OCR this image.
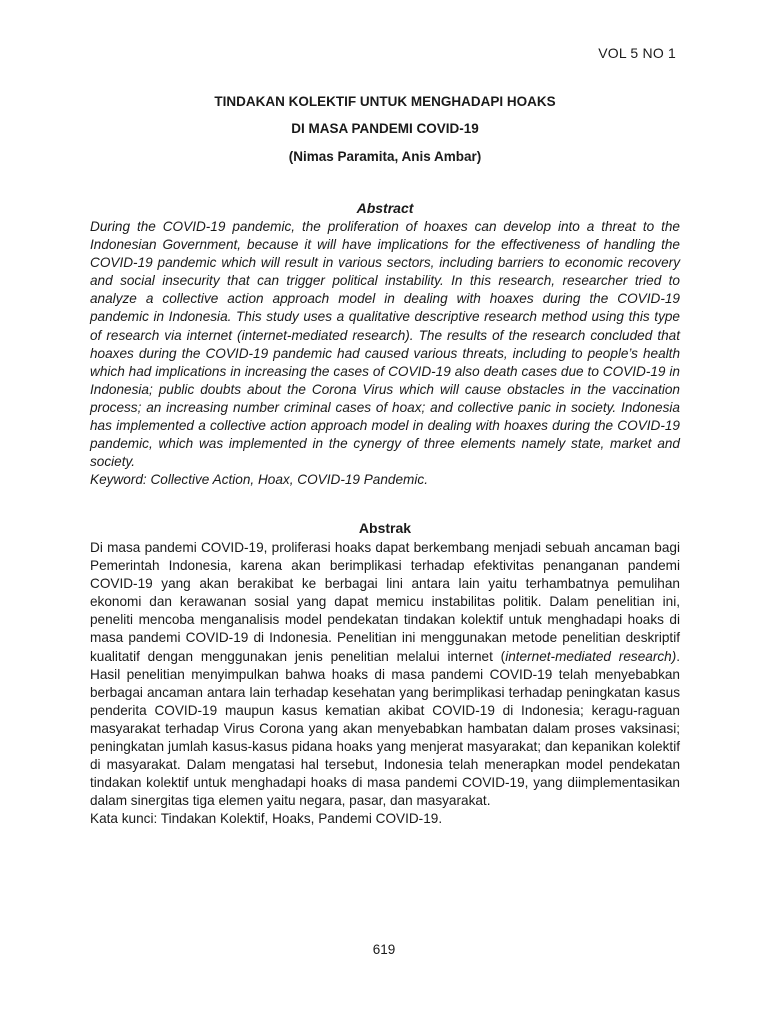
VOL 5 NO 1
TINDAKAN KOLEKTIF UNTUK MENGHADAPI HOAKS
DI MASA PANDEMI COVID-19
(Nimas Paramita, Anis Ambar)
Abstract

During the COVID-19 pandemic, the proliferation of hoaxes can develop into a threat to the Indonesian Government, because it will have implications for the effectiveness of handling the COVID-19 pandemic which will result in various sectors, including barriers to economic recovery and social insecurity that can trigger political instability. In this research, researcher tried to analyze a collective action approach model in dealing with hoaxes during the COVID-19 pandemic in Indonesia. This study uses a qualitative descriptive research method using this type of research via internet (internet-mediated research). The results of the research concluded that hoaxes during the COVID-19 pandemic had caused various threats, including to people’s health which had implications in increasing the cases of COVID-19 also death cases due to COVID-19 in Indonesia; public doubts about the Corona Virus which will cause obstacles in the vaccination process; an increasing number criminal cases of hoax; and collective panic in society. Indonesia has implemented a collective action approach model in dealing with hoaxes during the COVID-19 pandemic, which was implemented in the cynergy of three elements namely state, market and society.
Keyword: Collective Action, Hoax, COVID-19 Pandemic.

Abstrak

Di masa pandemi COVID-19, proliferasi hoaks dapat berkembang menjadi sebuah ancaman bagi Pemerintah Indonesia, karena akan berimplikasi terhadap efektivitas penanganan pandemi COVID-19 yang akan berakibat ke berbagai lini antara lain yaitu terhambatnya pemulihan ekonomi dan kerawanan sosial yang dapat memicu instabilitas politik. Dalam penelitian ini, peneliti mencoba menganalisis model pendekatan tindakan kolektif untuk menghadapi hoaks di masa pandemi COVID-19 di Indonesia. Penelitian ini menggunakan metode penelitian deskriptif kualitatif dengan menggunakan jenis penelitian melalui internet (internet-mediated research). Hasil penelitian menyimpulkan bahwa hoaks di masa pandemi COVID-19 telah menyebabkan berbagai ancaman antara lain terhadap kesehatan yang berimplikasi terhadap peningkatan kasus penderita COVID-19 maupun kasus kematian akibat COVID-19 di Indonesia; keragu-raguan masyarakat terhadap Virus Corona yang akan menyebabkan hambatan dalam proses vaksinasi; peningkatan jumlah kasus-kasus pidana hoaks yang menjerat masyarakat; dan kepanikan kolektif di masyarakat. Dalam mengatasi hal tersebut, Indonesia telah menerapkan model pendekatan tindakan kolektif untuk menghadapi hoaks di masa pandemi COVID-19, yang diimplementasikan dalam sinergitas tiga elemen yaitu negara, pasar, dan masyarakat.
Kata kunci: Tindakan Kolektif, Hoaks, Pandemi COVID-19.

619
